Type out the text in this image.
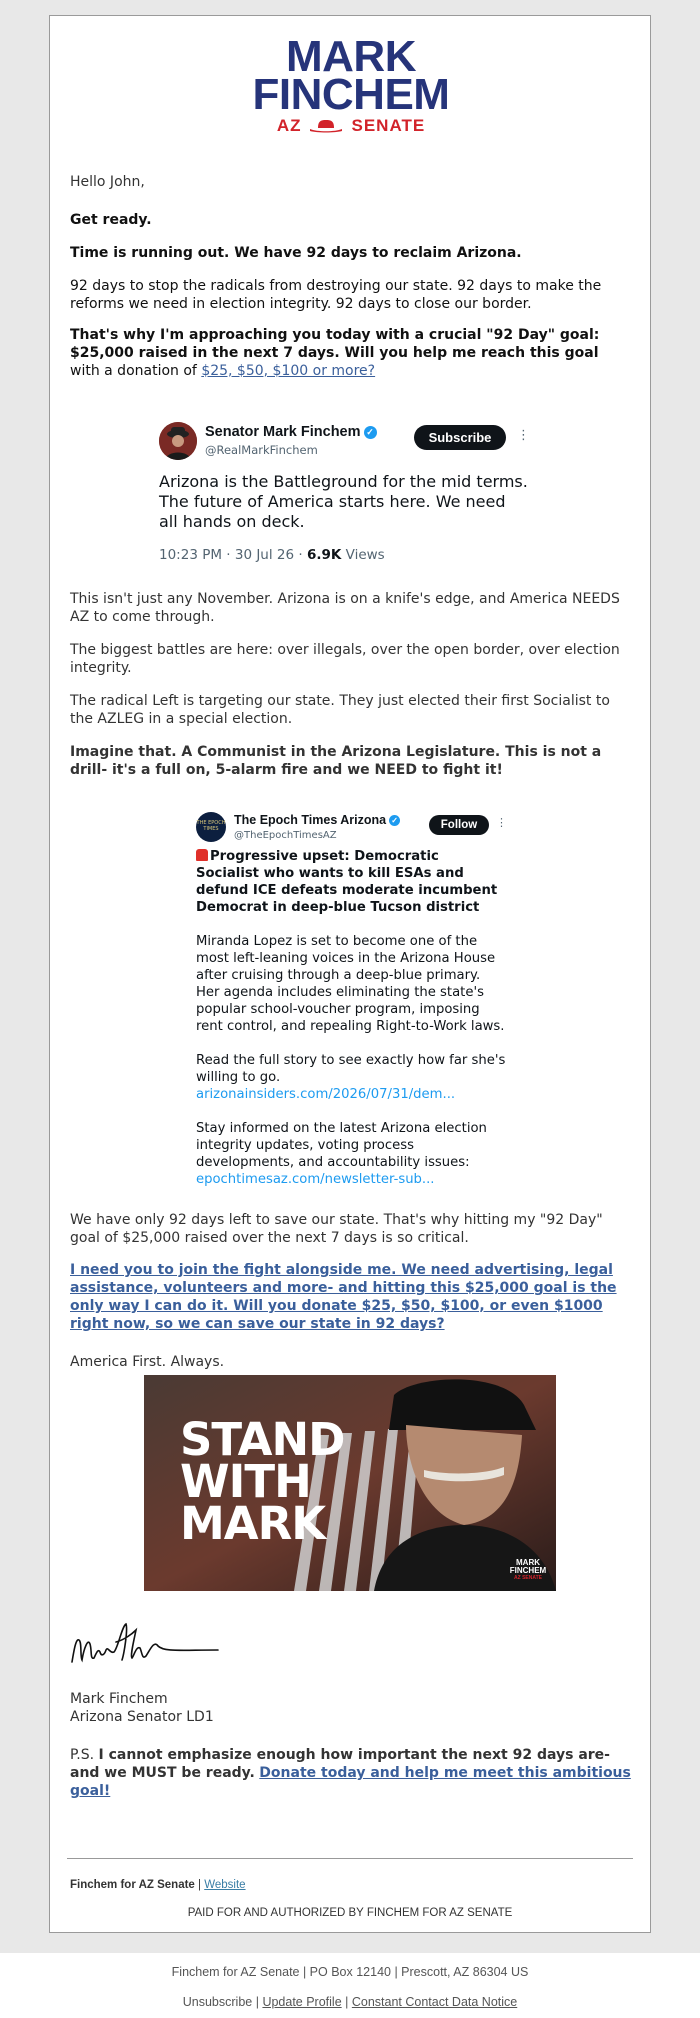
MARK
FINCHEM
AZ	SENATE
Hello John,
Get ready.
Time is running out. We have 92 days to reclaim Arizona.
92 days to stop the radicals from destroying our state. 92 days to make the reforms we need in election integrity. 92 days to close our border.
That's why I'm approaching you today with a crucial "92 Day" goal: $25,000 raised in the next 7 days. Will you help me reach this goal with a donation of $25, $50, $100 or more?
Senator Mark Finchem ✓
@RealMarkFinchem
Subscribe	⋮
Arizona is the Battleground for the mid terms. The future of America starts here. We need all hands on deck.
10:23 PM · 30 Jul 26 · 6.9K Views
This isn't just any November. Arizona is on a knife's edge, and America NEEDS AZ to come through.
The biggest battles are here: over illegals, over the open border, over election integrity.
The radical Left is targeting our state. They just elected their first Socialist to the AZLEG in a special election.
Imagine that. A Communist in the Arizona Legislature. This is not a drill- it's a full on, 5-alarm fire and we NEED to fight it!
THE EPOCH TIMES
The Epoch Times Arizona ✓
@TheEpochTimesAZ
Follow	⋮
Progressive upset: Democratic Socialist who wants to kill ESAs and defund ICE defeats moderate incumbent Democrat in deep-blue Tucson district
Miranda Lopez is set to become one of the most left-leaning voices in the Arizona House after cruising through a deep-blue primary. Her agenda includes eliminating the state's popular school-voucher program, imposing rent control, and repealing Right-to-Work laws.
Read the full story to see exactly how far she's willing to go.
arizonainsiders.com/2026/07/31/dem...
Stay informed on the latest Arizona election integrity updates, voting process developments, and accountability issues:
epochtimesaz.com/newsletter-sub...
We have only 92 days left to save our state. That's why hitting my "92 Day" goal of $25,000 raised over the next 7 days is so critical.
I need you to join the fight alongside me. We need advertising, legal assistance, volunteers and more- and hitting this $25,000 goal is the only way I can do it. Will you donate $25, $50, $100, or even $1000 right now, so we can save our state in 92 days?
America First. Always.
STAND
WITH
MARK
MARK
FINCHEM
AZ SENATE
Mark Finchem
Arizona Senator LD1
P.S. I cannot emphasize enough how important the next 92 days are- and we MUST be ready. Donate today and help me meet this ambitious goal!
Finchem for AZ Senate | Website
PAID FOR AND AUTHORIZED BY FINCHEM FOR AZ SENATE
Finchem for AZ Senate | PO Box 12140 | Prescott, AZ 86304 US
Unsubscribe | Update Profile | Constant Contact Data Notice
